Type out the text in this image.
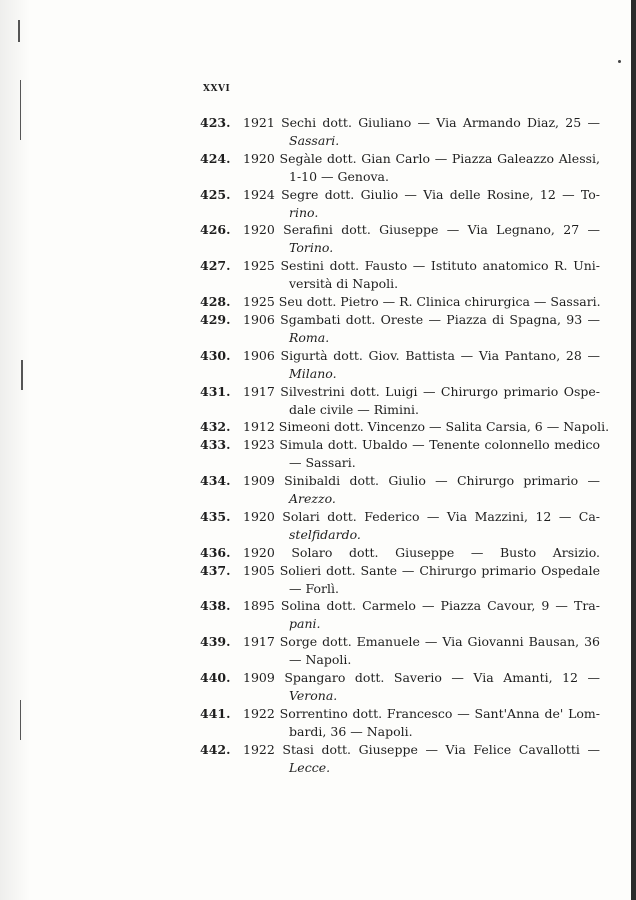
XXVI
423.	1921 Sechi dott. Giuliano — Via Armando Diaz, 25 —
Sassari.
424.	1920 Segàle dott. Gian Carlo — Piazza Galeazzo Alessi,
1-10 — Genova.
425.	1924 Segre dott. Giulio — Via delle Rosine, 12 — To-
rino.
426.	1920 Serafini dott. Giuseppe — Via Legnano, 27 —
Torino.
427.	1925 Sestini dott. Fausto — Istituto anatomico R. Uni-
versità di Napoli.
428.	1925 Seu dott. Pietro — R. Clinica chirurgica — Sassari.
429.	1906 Sgambati dott. Oreste — Piazza di Spagna, 93 —
Roma.
430.	1906 Sigurtà dott. Giov. Battista — Via Pantano, 28 —
Milano.
431.	1917 Silvestrini dott. Luigi — Chirurgo primario Ospe-
dale civile — Rimini.
432.	1912 Simeoni dott. Vincenzo — Salita Carsia, 6 — Napoli.
433.	1923 Simula dott. Ubaldo — Tenente colonnello medico
— Sassari.
434.	1909 Sinibaldi dott. Giulio — Chirurgo primario —
Arezzo.
435.	1920 Solari dott. Federico — Via Mazzini, 12 — Ca-
stelfidardo.
436.	1920 Solaro dott. Giuseppe — Busto Arsizio.
437.	1905 Solieri dott. Sante — Chirurgo primario Ospedale
— Forlì.
438.	1895 Solina dott. Carmelo — Piazza Cavour, 9 — Tra-
pani.
439.	1917 Sorge dott. Emanuele — Via Giovanni Bausan, 36
— Napoli.
440.	1909 Spangaro dott. Saverio — Via Amanti, 12 —
Verona.
441.	1922 Sorrentino dott. Francesco — Sant'Anna de' Lom-
bardi, 36 — Napoli.
442.	1922 Stasi dott. Giuseppe — Via Felice Cavallotti —
Lecce.
